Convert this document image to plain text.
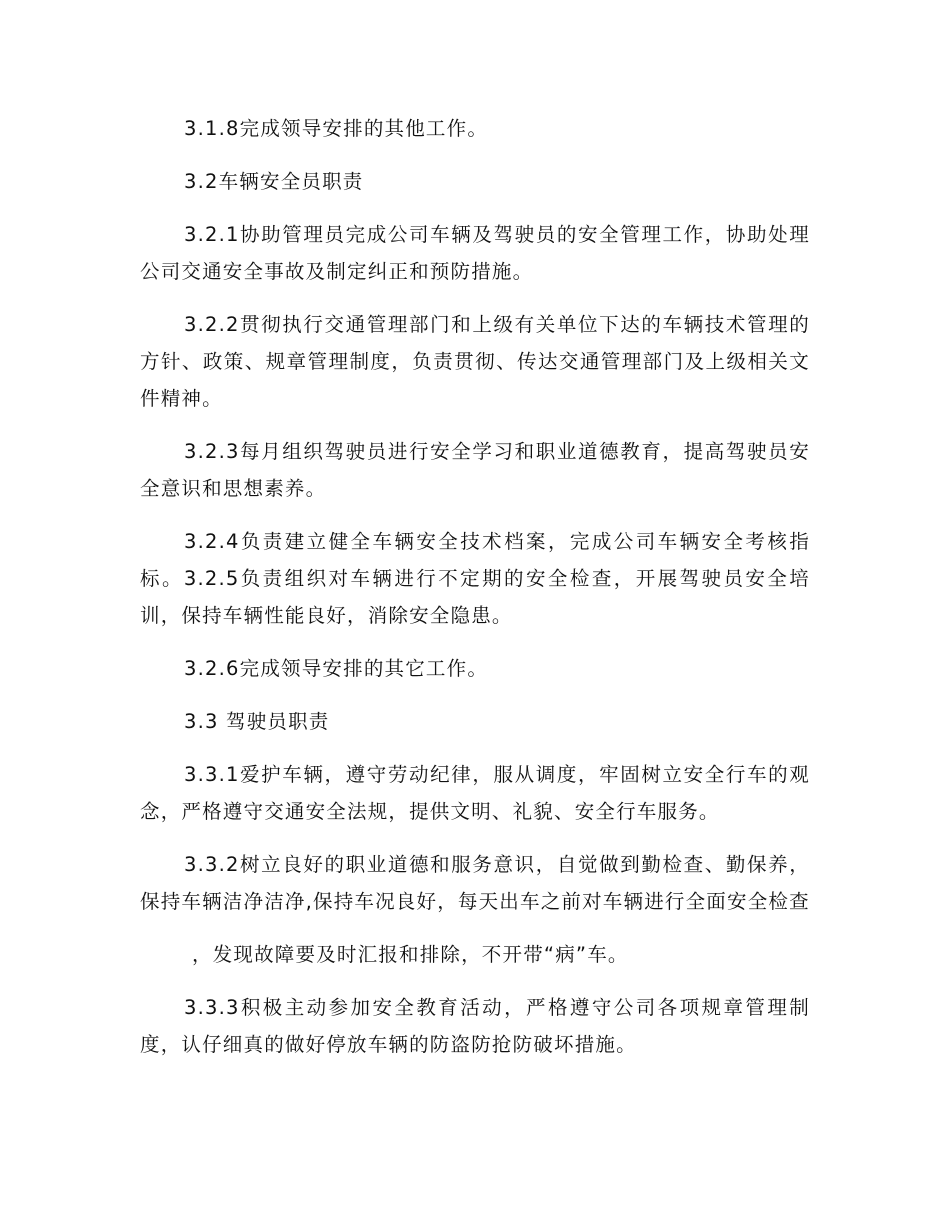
3.1.8完成领导安排的其他工作。

3.2车辆安全员职责

3.2.1协助管理员完成公司车辆及驾驶员的安全管理工作，协助处理公司交通安全事故及制定纠正和预防措施。

3.2.2贯彻执行交通管理部门和上级有关单位下达的车辆技术管理的方针、政策、规章管理制度，负责贯彻、传达交通管理部门及上级相关文件精神。

3.2.3每月组织驾驶员进行安全学习和职业道德教育，提高驾驶员安全意识和思想素养。

3.2.4负责建立健全车辆安全技术档案，完成公司车辆安全考核指标。3.2.5负责组织对车辆进行不定期的安全检查，开展驾驶员安全培训，保持车辆性能良好，消除安全隐患。

3.2.6完成领导安排的其它工作。

3.3 驾驶员职责

3.3.1爱护车辆，遵守劳动纪律，服从调度，牢固树立安全行车的观念，严格遵守交通安全法规，提供文明、礼貌、安全行车服务。

3.3.2树立良好的职业道德和服务意识，自觉做到勤检查、勤保养，保持车辆洁净洁净,保持车况良好，每天出车之前对车辆进行全面安全检查

，发现故障要及时汇报和排除，不开带“病”车。

3.3.3积极主动参加安全教育活动，严格遵守公司各项规章管理制度，认仔细真的做好停放车辆的防盗防抢防破坏措施。
